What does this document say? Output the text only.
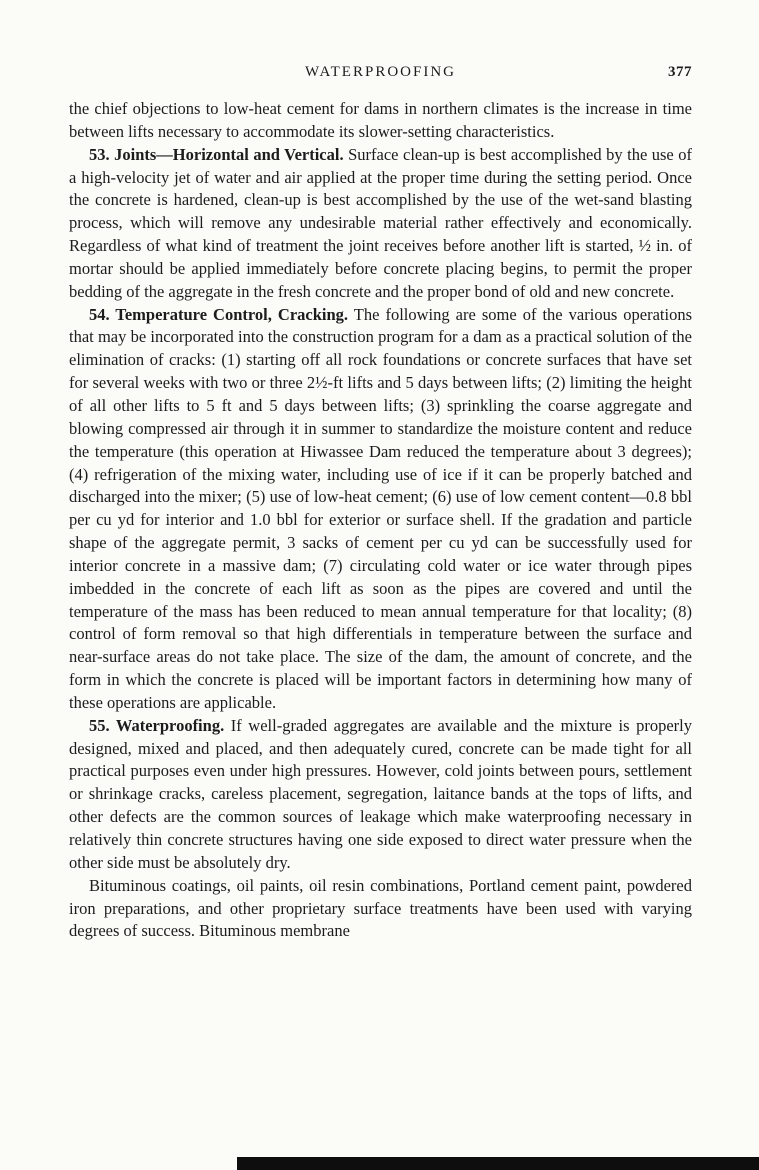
WATERPROOFING	377

the chief objections to low-heat cement for dams in northern climates is the increase in time between lifts necessary to accommodate its slower-setting characteristics.

53. Joints—Horizontal and Vertical. Surface clean-up is best accomplished by the use of a high-velocity jet of water and air applied at the proper time during the setting period. Once the concrete is hardened, clean-up is best accomplished by the use of the wet-sand blasting process, which will remove any undesirable material rather effectively and economically. Regardless of what kind of treatment the joint receives before another lift is started, ½ in. of mortar should be applied immediately before concrete placing begins, to permit the proper bedding of the aggregate in the fresh concrete and the proper bond of old and new concrete.

54. Temperature Control, Cracking. The following are some of the various operations that may be incorporated into the construction program for a dam as a practical solution of the elimination of cracks: (1) starting off all rock foundations or concrete surfaces that have set for several weeks with two or three 2½-ft lifts and 5 days between lifts; (2) limiting the height of all other lifts to 5 ft and 5 days between lifts; (3) sprinkling the coarse aggregate and blowing compressed air through it in summer to standardize the moisture content and reduce the temperature (this operation at Hiwassee Dam reduced the temperature about 3 degrees); (4) refrigeration of the mixing water, including use of ice if it can be properly batched and discharged into the mixer; (5) use of low-heat cement; (6) use of low cement content—0.8 bbl per cu yd for interior and 1.0 bbl for exterior or surface shell. If the gradation and particle shape of the aggregate permit, 3 sacks of cement per cu yd can be successfully used for interior concrete in a massive dam; (7) circulating cold water or ice water through pipes imbedded in the concrete of each lift as soon as the pipes are covered and until the temperature of the mass has been reduced to mean annual temperature for that locality; (8) control of form removal so that high differentials in temperature between the surface and near-surface areas do not take place. The size of the dam, the amount of concrete, and the form in which the concrete is placed will be important factors in determining how many of these operations are applicable.

55. Waterproofing. If well-graded aggregates are available and the mixture is properly designed, mixed and placed, and then adequately cured, concrete can be made tight for all practical purposes even under high pressures. However, cold joints between pours, settlement or shrinkage cracks, careless placement, segregation, laitance bands at the tops of lifts, and other defects are the common sources of leakage which make waterproofing necessary in relatively thin concrete structures having one side exposed to direct water pressure when the other side must be absolutely dry.

Bituminous coatings, oil paints, oil resin combinations, Portland cement paint, powdered iron preparations, and other proprietary surface treatments have been used with varying degrees of success. Bituminous membrane
